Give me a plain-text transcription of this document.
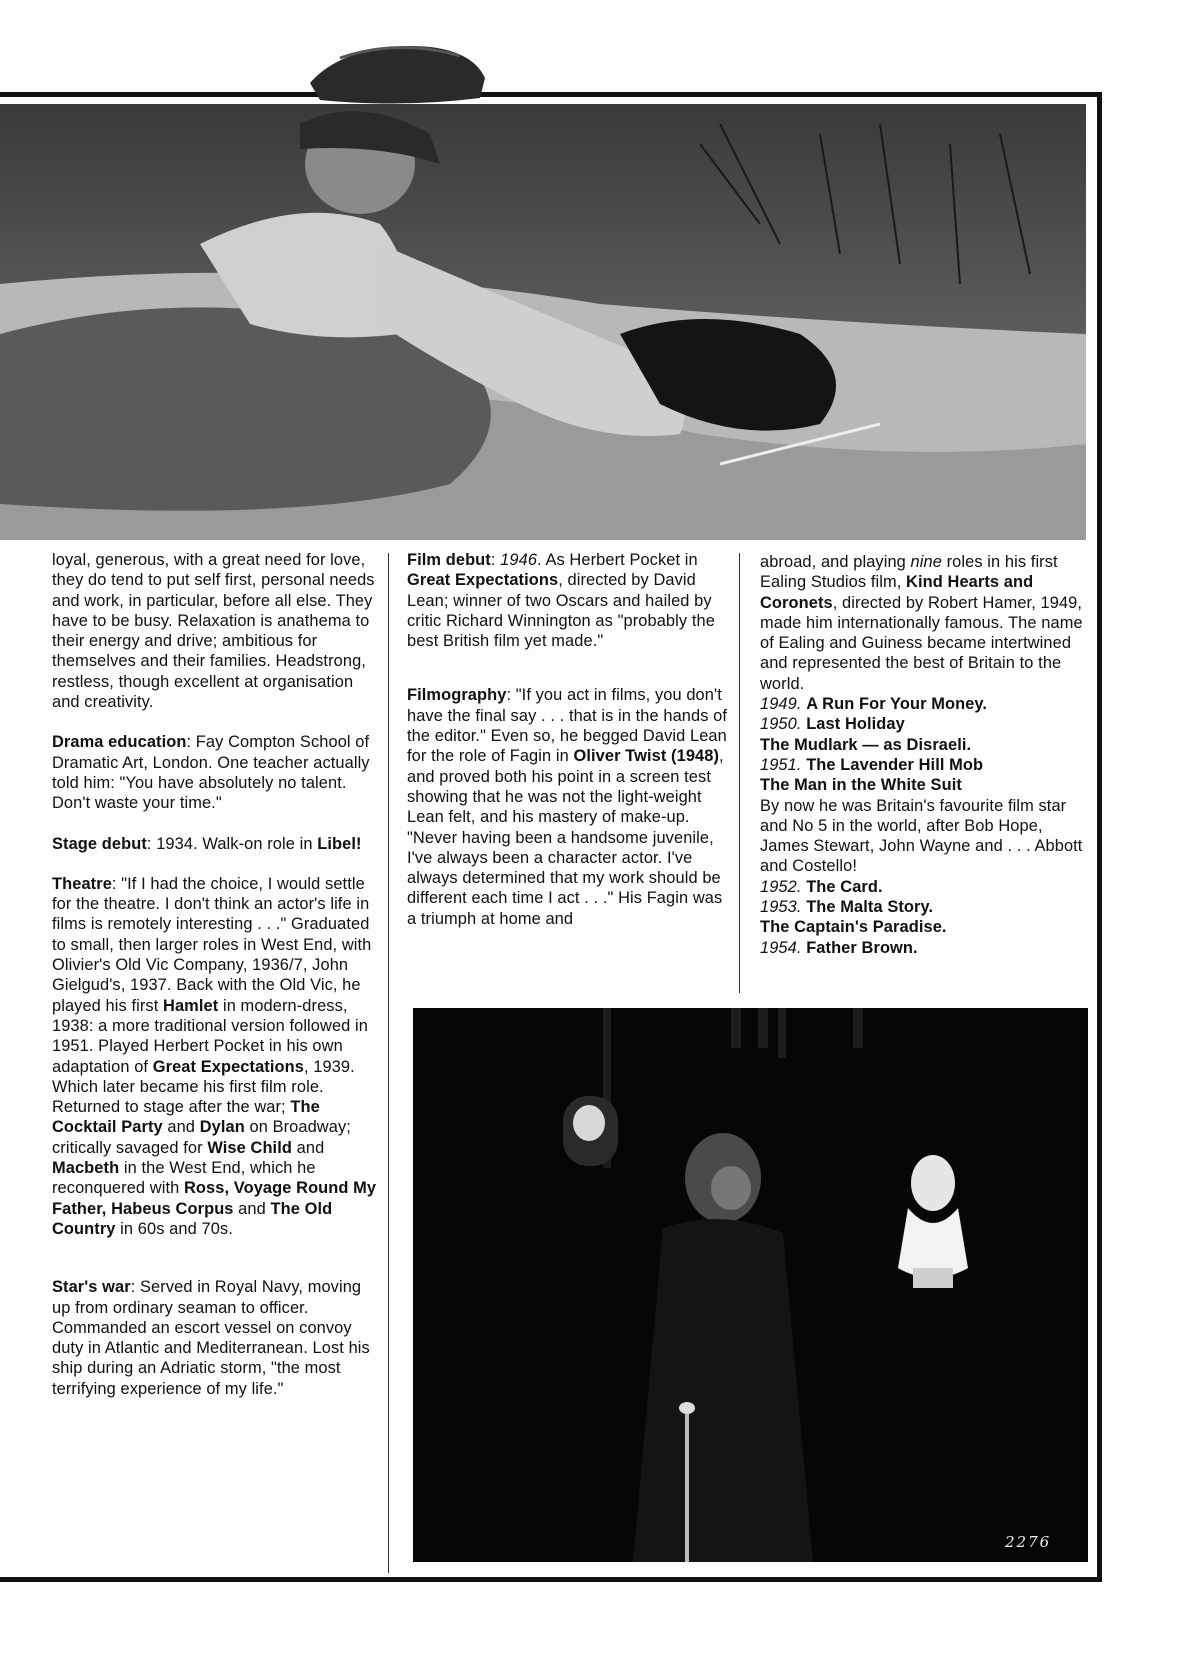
loyal, generous, with a great need for love, they do tend to put self first, personal needs and work, in particular, before all else. They have to be busy. Relaxation is anathema to their energy and drive; ambitious for themselves and their families. Headstrong, restless, though excellent at organisation and creativity.

Drama education: Fay Compton School of Dramatic Art, London. One teacher actually told him: "You have absolutely no talent. Don't waste your time."

Stage debut: 1934. Walk-on role in Libel!

Theatre: "If I had the choice, I would settle for the theatre. I don't think an actor's life in films is remotely interesting . . ." Graduated to small, then larger roles in West End, with Olivier's Old Vic Company, 1936/7, John Gielgud's, 1937. Back with the Old Vic, he played his first Hamlet in modern-dress, 1938: a more traditional version followed in 1951. Played Herbert Pocket in his own adaptation of Great Expectations, 1939. Which later became his first film role. Returned to stage after the war; The Cocktail Party and Dylan on Broadway; critically savaged for Wise Child and Macbeth in the West End, which he reconquered with Ross, Voyage Round My Father, Habeus Corpus and The Old Country in 60s and 70s.

Star's war: Served in Royal Navy, moving up from ordinary seaman to officer. Commanded an escort vessel on convoy duty in Atlantic and Mediterranean. Lost his ship during an Adriatic storm, "the most terrifying experience of my life."

Film debut: 1946. As Herbert Pocket in Great Expectations, directed by David Lean; winner of two Oscars and hailed by critic Richard Winnington as "probably the best British film yet made."

Filmography: "If you act in films, you don't have the final say . . . that is in the hands of the editor." Even so, he begged David Lean for the role of Fagin in Oliver Twist (1948), and proved both his point in a screen test showing that he was not the light-weight Lean felt, and his mastery of make-up. "Never having been a handsome juvenile, I've always been a character actor. I've always determined that my work should be different each time I act . . ." His Fagin was a triumph at home and

abroad, and playing nine roles in his first Ealing Studios film, Kind Hearts and Coronets, directed by Robert Hamer, 1949, made him internationally famous. The name of Ealing and Guiness became intertwined and represented the best of Britain to the world.

1949. A Run For Your Money.
1950. Last Holiday
The Mudlark — as Disraeli.
1951. The Lavender Hill Mob
The Man in the White Suit

By now he was Britain's favourite film star and No 5 in the world, after Bob Hope, James Stewart, John Wayne and . . . Abbott and Costello!

1952. The Card.
1953. The Malta Story.
The Captain's Paradise.
1954. Father Brown.
2276
